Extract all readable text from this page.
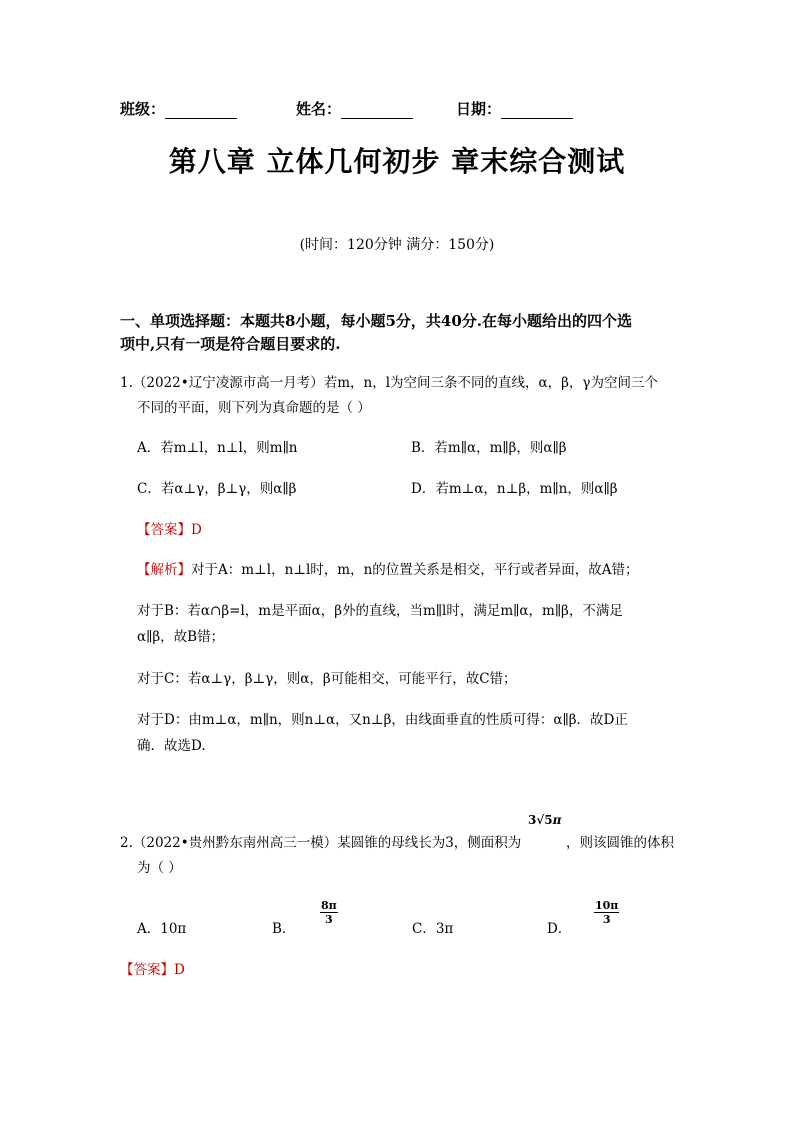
班级：	姓名：	日期：
第八章 立体几何初步 章末综合测试
(时间：120分钟 满分：150分)
一、单项选择题：本题共8小题，每小题5分，共40分.在每小题给出的四个选
项中,只有一项是符合题目要求的.
1.（2022•辽宁凌源市高一月考）若m，n，l为空间三条不同的直线，α，β，γ为空间三个
不同的平面，则下列为真命题的是（ ）
A．若m⊥l，n⊥l，则m∥n	B．若m∥α，m∥β，则α∥β
C．若α⊥γ，β⊥γ，则α∥β	D．若m⊥α，n⊥β，m∥n，则α∥β
【答案】D
【解析】对于A：m⊥l，n⊥l时，m，n的位置关系是相交，平行或者异面，故A错；
对于B：若α∩β=l，m是平面α，β外的直线，当m∥l时，满足m∥α，m∥β，不满足
α∥β，故B错；
对于C：若α⊥γ，β⊥γ，则α，β可能相交，可能平行，故C错；
对于D：由m⊥α，m∥n，则n⊥α，又n⊥β，由线面垂直的性质可得：α∥β．故D正
确．故选D.
3√5π
2.（2022•贵州黔东南州高三一模）某圆锥的母线长为3，侧面积为	，则该圆锥的体积
为（ ）
A．10π	B．
$\frac{8\pi}{3}$
C．3π	D．
$\frac{10\pi}{3}$
【答案】D
